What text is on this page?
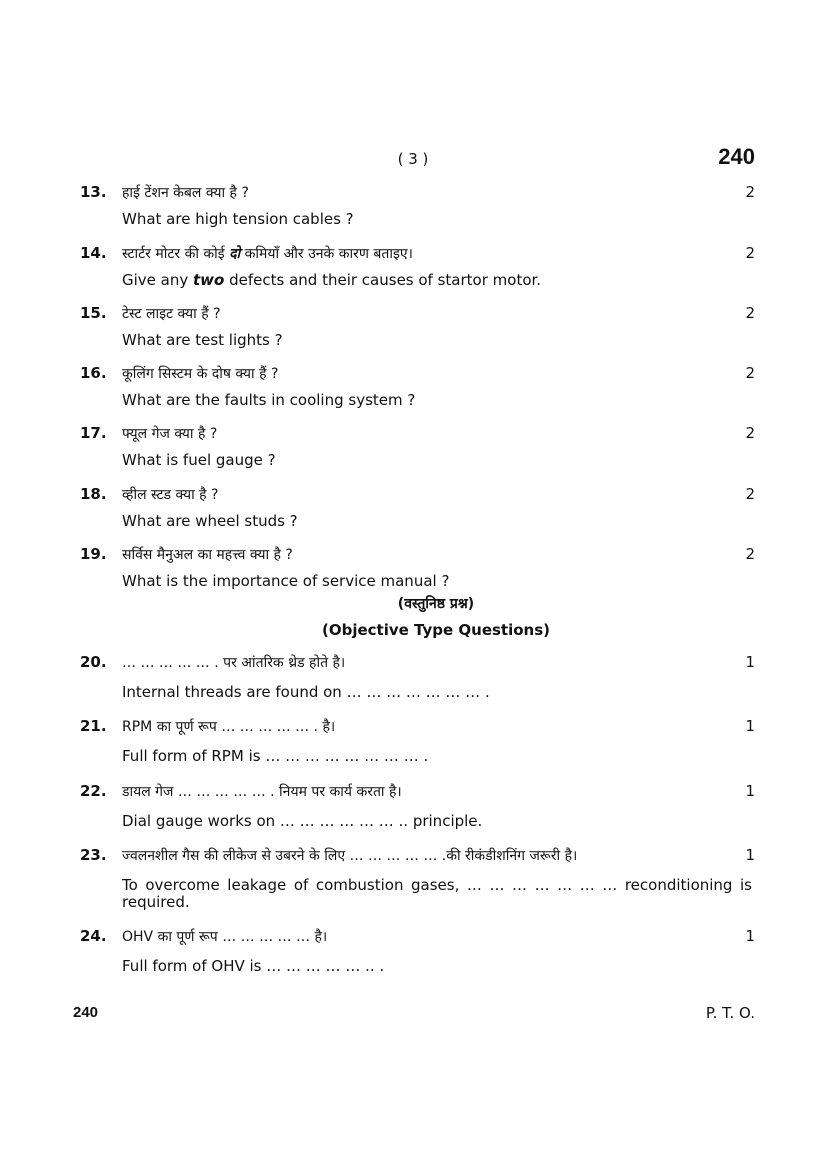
( 3 )	240
13. हाई टेंशन केबल क्या है ?	2
What are high tension cables ?
14. स्टार्टर मोटर की कोई दो कमियाँ और उनके कारण बताइए।	2
Give any two defects and their causes of startor motor.
15. टेस्ट लाइट क्या हैं ?	2
What are test lights ?
16. कूलिंग सिस्टम के दोष क्या हैं ?	2
What are the faults in cooling system ?
17. फ्यूल गेज क्या है ?	2
What is fuel gauge ?
18. व्हील स्टड क्या है ?	2
What are wheel studs ?
19. सर्विस मैनुअल का महत्त्व क्या है ?	2
What is the importance of service manual ?
(वस्तुनिष्ठ प्रश्न)
(Objective Type Questions)
20. … … … … … . पर आंतरिक थ्रेड होते है।	1
Internal threads are found on … … … … … … … .
21. RPM का पूर्ण रूप … … … … … . है।	1
Full form of RPM is … … … … … … … … .
22. डायल गेज … … … … … . नियम पर कार्य करता है।	1
Dial gauge works on … … … … … … .. principle.
23. ज्वलनशील गैस की लीकेज से उबरने के लिए … … … … … .की रीकंडीशनिंग जरूरी है।	1
To overcome leakage of combustion gases, … … … … … … … reconditioning is required.
24. OHV का पूर्ण रूप … … … … … है।	1
Full form of OHV is … … … … … .. .
240	P. T. O.
